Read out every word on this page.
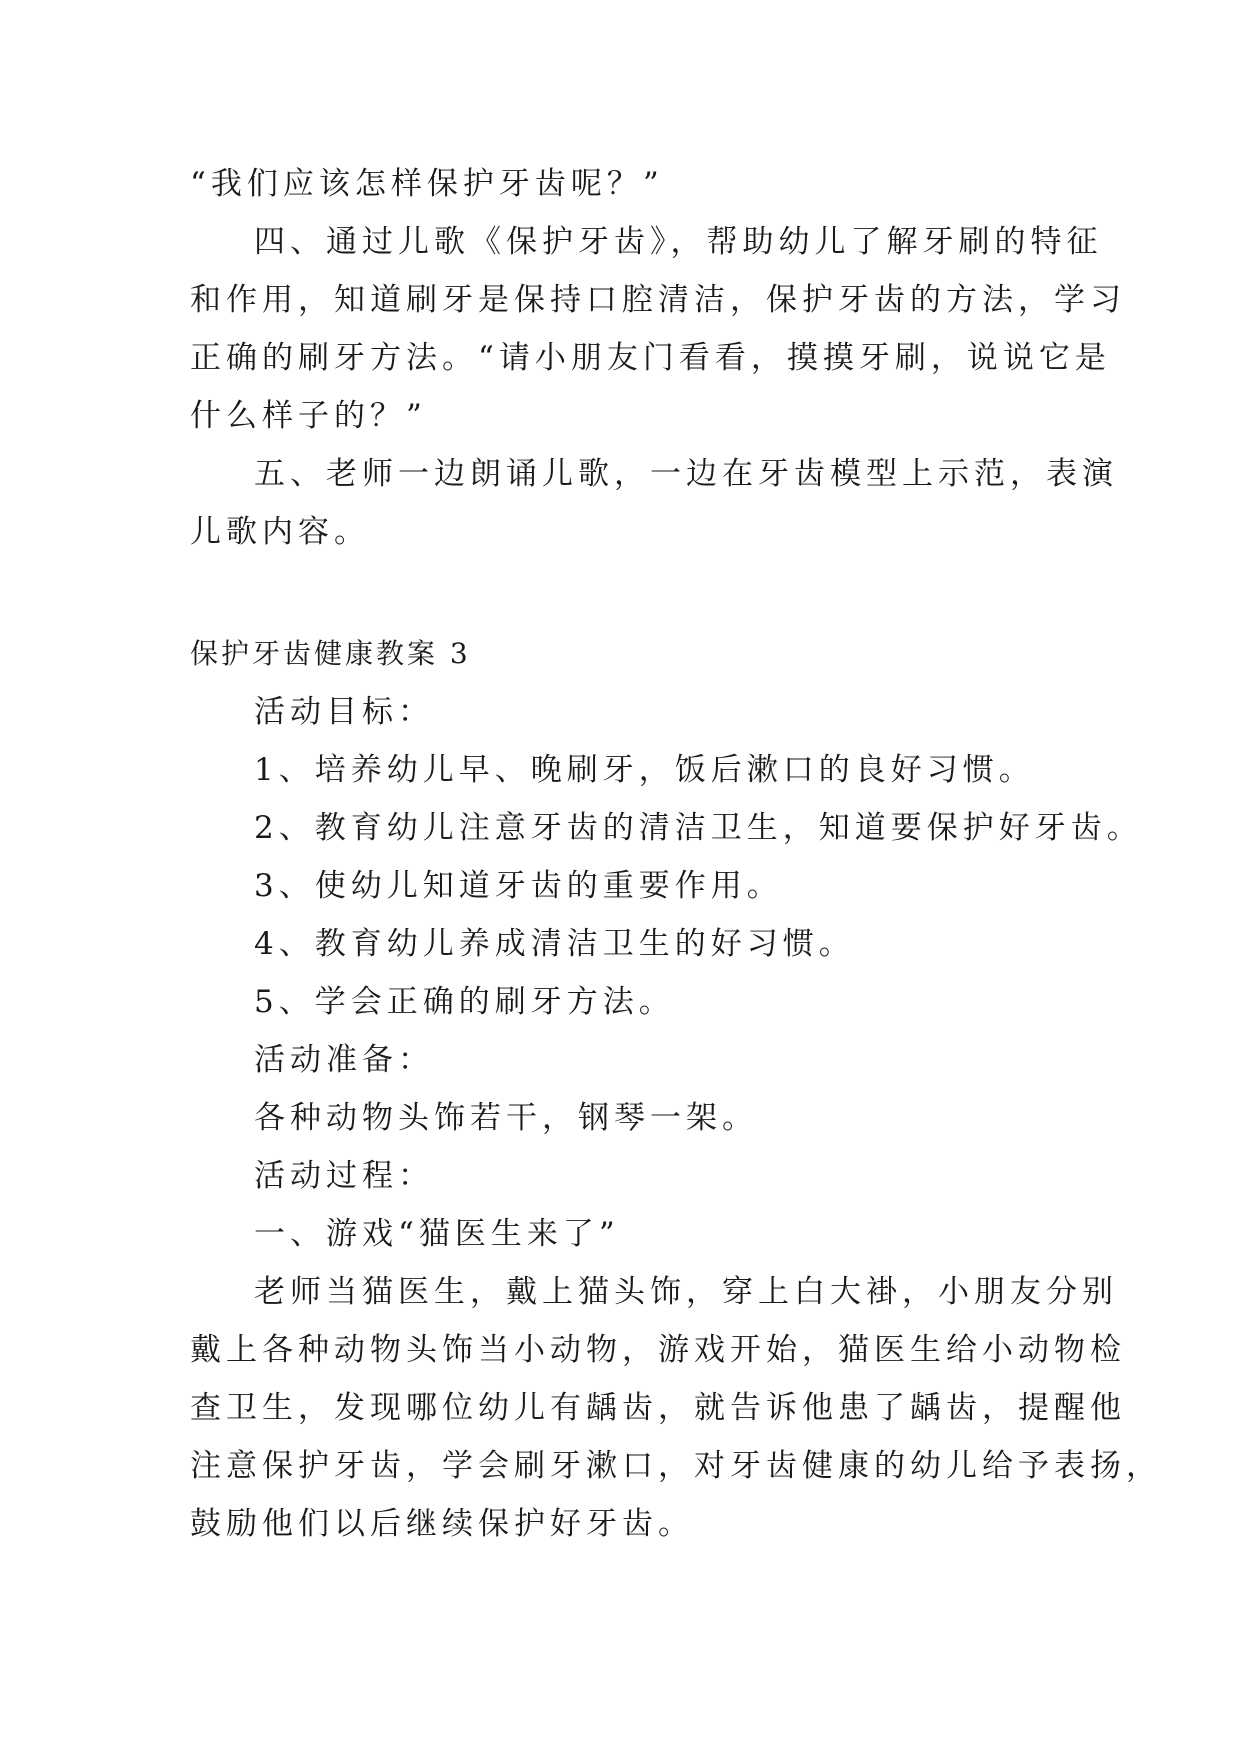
“我们应该怎样保护牙齿呢？”
四、通过儿歌《保护牙齿》，帮助幼儿了解牙刷的特征
和作用，知道刷牙是保持口腔清洁，保护牙齿的方法，学习
正确的刷牙方法。“请小朋友门看看，摸摸牙刷，说说它是
什么样子的？”
五、老师一边朗诵儿歌，一边在牙齿模型上示范，表演
儿歌内容。
保护牙齿健康教案 3
活动目标：
1、培养幼儿早、晚刷牙，饭后漱口的良好习惯。
2、教育幼儿注意牙齿的清洁卫生，知道要保护好牙齿。
3、使幼儿知道牙齿的重要作用。
4、教育幼儿养成清洁卫生的好习惯。
5、学会正确的刷牙方法。
活动准备：
各种动物头饰若干，钢琴一架。
活动过程：
一、游戏“猫医生来了”
老师当猫医生，戴上猫头饰，穿上白大褂，小朋友分别
戴上各种动物头饰当小动物，游戏开始，猫医生给小动物检
查卫生，发现哪位幼儿有龋齿，就告诉他患了龋齿，提醒他
注意保护牙齿，学会刷牙漱口，对牙齿健康的幼儿给予表扬，
鼓励他们以后继续保护好牙齿。
